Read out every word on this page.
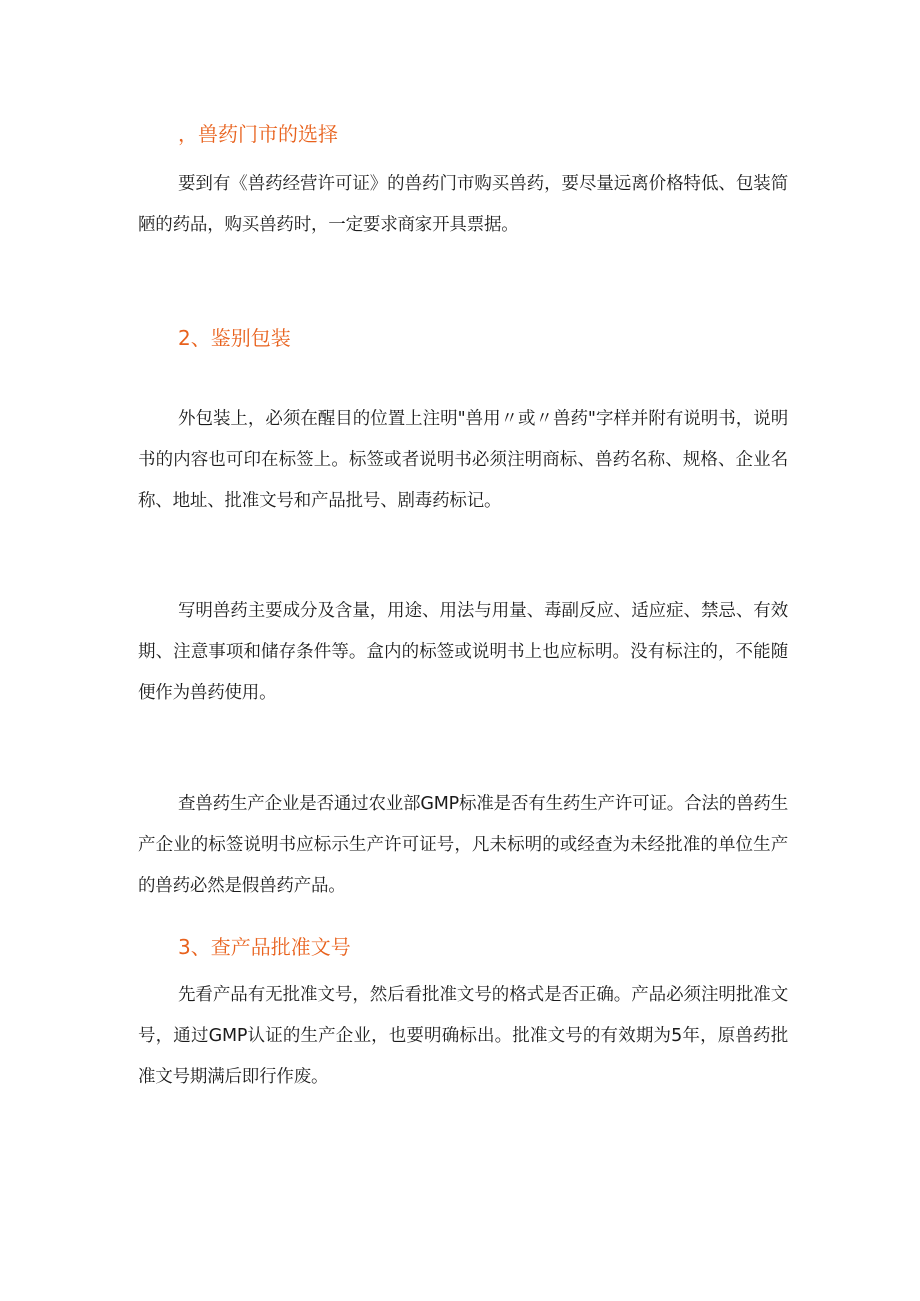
，兽药门市的选择

要到有《兽药经营许可证》的兽药门市购买兽药，要尽量远离价格特低、包装简陋的药品，购买兽药时，一定要求商家开具票据。

2、鉴别包装

外包装上，必须在醒目的位置上注明"兽用〃或〃兽药"字样并附有说明书，说明书的内容也可印在标签上。标签或者说明书必须注明商标、兽药名称、规格、企业名称、地址、批准文号和产品批号、剧毒药标记。

写明兽药主要成分及含量，用途、用法与用量、毒副反应、适应症、禁忌、有效期、注意事项和储存条件等。盒内的标签或说明书上也应标明。没有标注的，不能随便作为兽药使用。

查兽药生产企业是否通过农业部GMP标准是否有生药生产许可证。合法的兽药生产企业的标签说明书应标示生产许可证号，凡未标明的或经查为未经批准的单位生产的兽药必然是假兽药产品。

3、查产品批准文号

先看产品有无批准文号，然后看批准文号的格式是否正确。产品必须注明批准文号，通过GMP认证的生产企业，也要明确标出。批准文号的有效期为5年，原兽药批准文号期满后即行作废。
